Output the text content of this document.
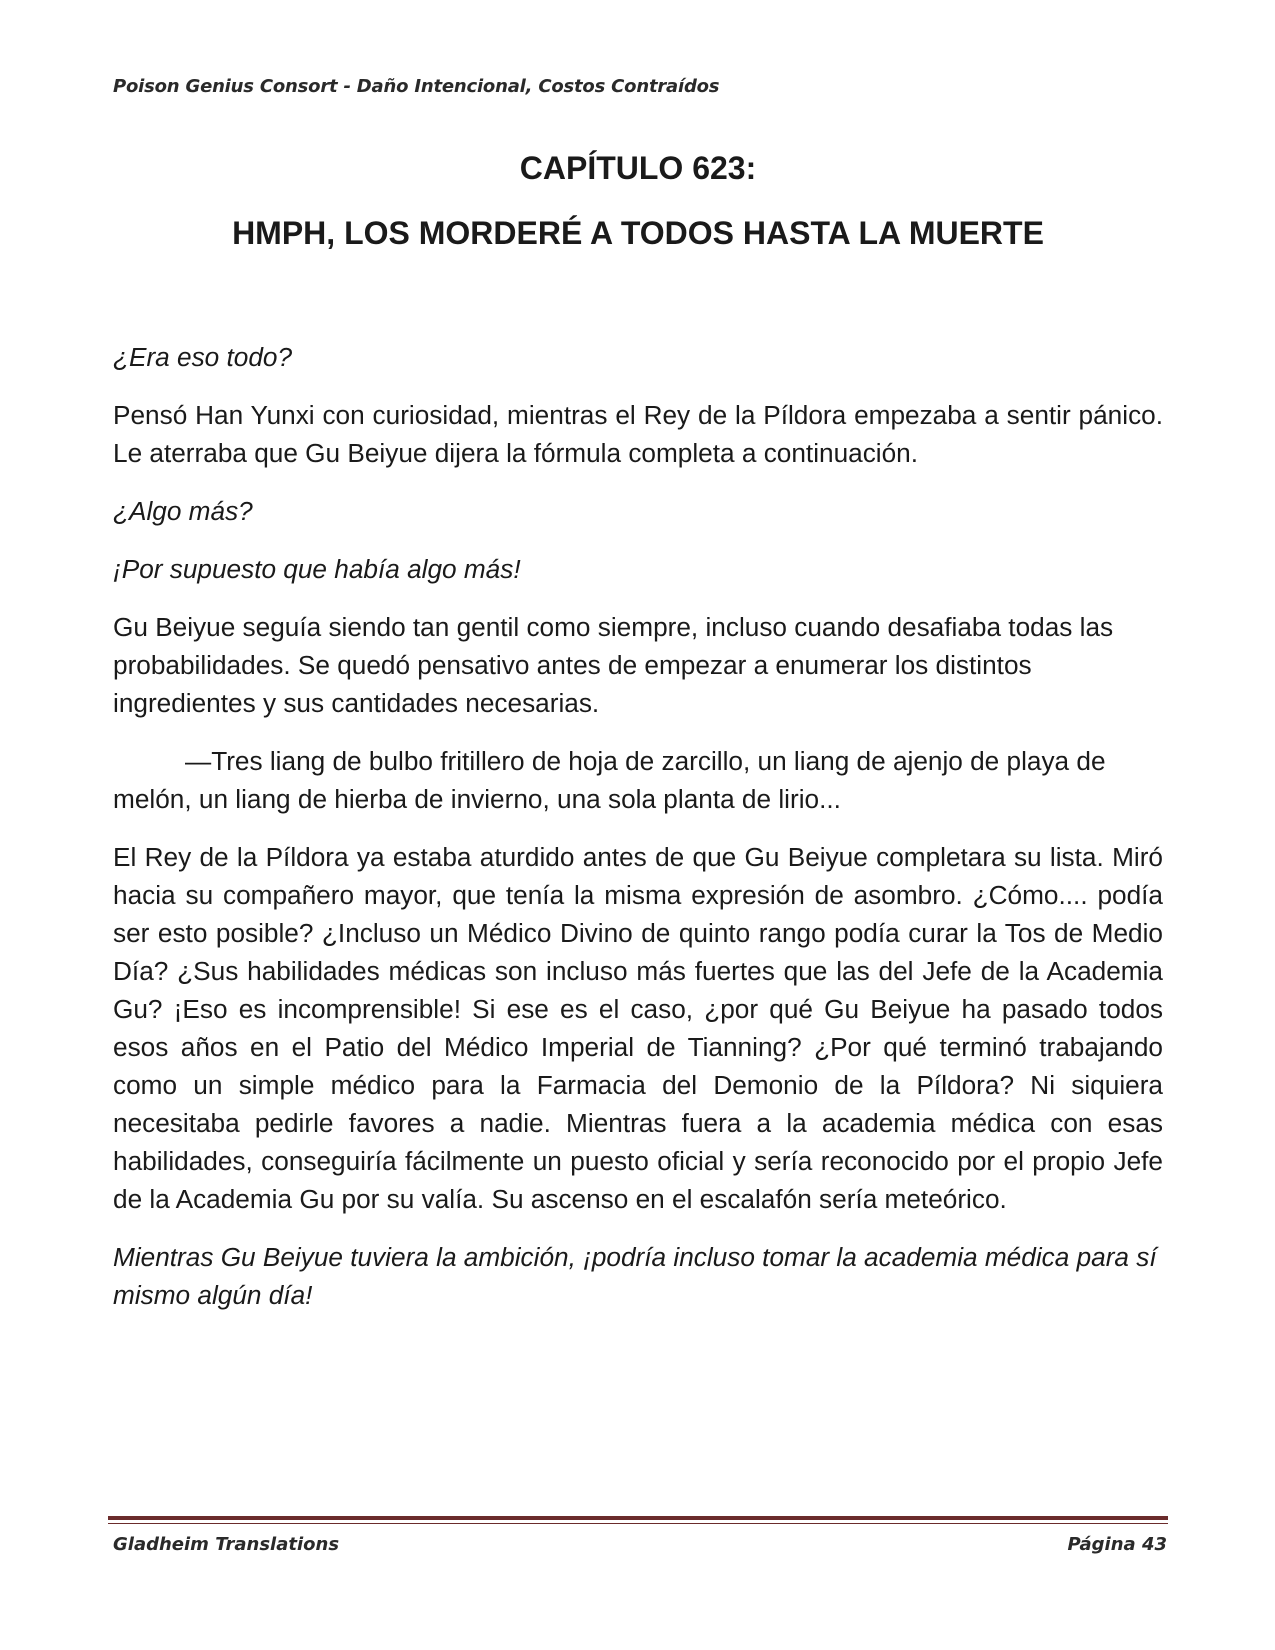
Poison Genius Consort - Daño Intencional, Costos Contraídos
CAPÍTULO 623:
HMPH, LOS MORDERÉ A TODOS HASTA LA MUERTE

¿Era eso todo?

Pensó Han Yunxi con curiosidad, mientras el Rey de la Píldora empezaba a sentir pánico. Le aterraba que Gu Beiyue dijera la fórmula completa a continuación.

¿Algo más?

¡Por supuesto que había algo más!

Gu Beiyue seguía siendo tan gentil como siempre, incluso cuando desafiaba todas las probabilidades. Se quedó pensativo antes de empezar a enumerar los distintos ingredientes y sus cantidades necesarias.

—Tres liang de bulbo fritillero de hoja de zarcillo, un liang de ajenjo de playa de melón, un liang de hierba de invierno, una sola planta de lirio...

El Rey de la Píldora ya estaba aturdido antes de que Gu Beiyue completara su lista. Miró hacia su compañero mayor, que tenía la misma expresión de asombro. ¿Cómo.... podía ser esto posible? ¿Incluso un Médico Divino de quinto rango podía curar la Tos de Medio Día? ¿Sus habilidades médicas son incluso más fuertes que las del Jefe de la Academia Gu? ¡Eso es incomprensible! Si ese es el caso, ¿por qué Gu Beiyue ha pasado todos esos años en el Patio del Médico Imperial de Tianning? ¿Por qué terminó trabajando como un simple médico para la Farmacia del Demonio de la Píldora? Ni siquiera necesitaba pedirle favores a nadie. Mientras fuera a la academia médica con esas habilidades, conseguiría fácilmente un puesto oficial y sería reconocido por el propio Jefe de la Academia Gu por su valía. Su ascenso en el escalafón sería meteórico.

Mientras Gu Beiyue tuviera la ambición, ¡podría incluso tomar la academia médica para sí mismo algún día!

Gladheim Translations	Página 43
